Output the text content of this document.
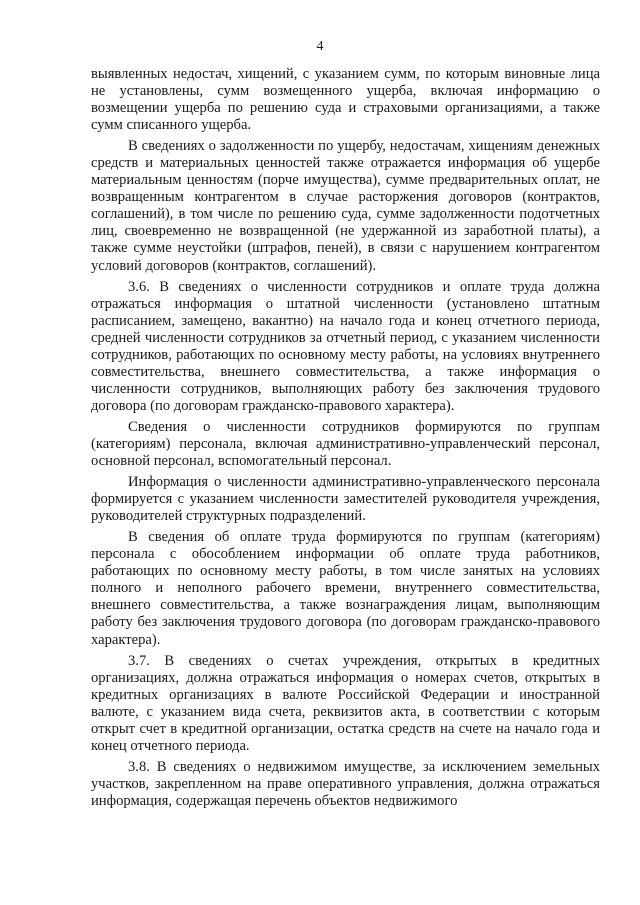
4

выявленных недостач, хищений, с указанием сумм, по которым виновные лица не установлены, сумм возмещенного ущерба, включая информацию о возмещении ущерба по решению суда и страховыми организациями, а также сумм списанного ущерба.

В сведениях о задолженности по ущербу, недостачам, хищениям денежных средств и материальных ценностей также отражается информация об ущербе материальным ценностям (порче имущества), сумме предварительных оплат, не возвращенным контрагентом в случае расторжения договоров (контрактов, соглашений), в том числе по решению суда, сумме задолженности подотчетных лиц, своевременно не возвращенной (не удержанной из заработной платы), а также сумме неустойки (штрафов, пеней), в связи с нарушением контрагентом условий договоров (контрактов, соглашений).

3.6. В сведениях о численности сотрудников и оплате труда должна отражаться информация о штатной численности (установлено штатным расписанием, замещено, вакантно) на начало года и конец отчетного периода, средней численности сотрудников за отчетный период, с указанием численности сотрудников, работающих по основному месту работы, на условиях внутреннего совместительства, внешнего совместительства, а также информация о численности сотрудников, выполняющих работу без заключения трудового договора (по договорам гражданско-правового характера).

Сведения о численности сотрудников формируются по группам (категориям) персонала, включая административно-управленческий персонал, основной персонал, вспомогательный персонал.

Информация о численности административно-управленческого персонала формируется с указанием численности заместителей руководителя учреждения, руководителей структурных подразделений.

В сведения об оплате труда формируются по группам (категориям) персонала с обособлением информации об оплате труда работников, работающих по основному месту работы, в том числе занятых на условиях полного и неполного рабочего времени, внутреннего совместительства, внешнего совместительства, а также вознаграждения лицам, выполняющим работу без заключения трудового договора (по договорам гражданско-правового характера).

3.7. В сведениях о счетах учреждения, открытых в кредитных организациях, должна отражаться информация о номерах счетов, открытых в кредитных организациях в валюте Российской Федерации и иностранной валюте, с указанием вида счета, реквизитов акта, в соответствии с которым открыт счет в кредитной организации, остатка средств на счете на начало года и конец отчетного периода.

3.8. В сведениях о недвижимом имуществе, за исключением земельных участков, закрепленном на праве оперативного управления, должна отражаться информация, содержащая перечень объектов недвижимого
